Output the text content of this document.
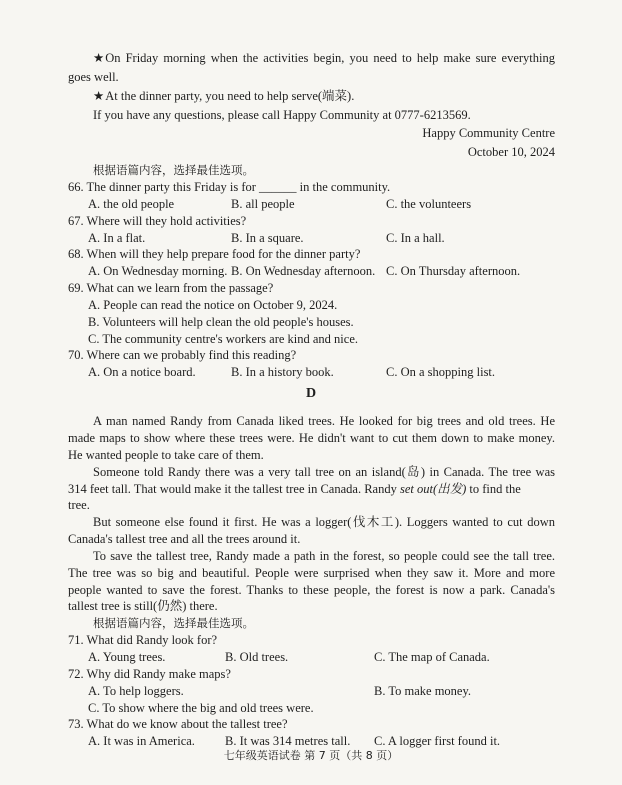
★On Friday morning when the activities begin, you need to help make sure everything
goes well.
★At the dinner party, you need to help serve(端菜).
If you have any questions, please call Happy Community at 0777-6213569.
Happy Community Centre
October 10, 2024
根据语篇内容，选择最佳选项。
66. The dinner party this Friday is for ______ in the community.
A. the old people	B. all people	C. the volunteers
67. Where will they hold activities?
A. In a flat.	B. In a square.	C. In a hall.
68. When will they help prepare food for the dinner party?
A. On Wednesday morning. B. On Wednesday afternoon. C. On Thursday afternoon.
69. What can we learn from the passage?
A. People can read the notice on October 9, 2024.
B. Volunteers will help clean the old people's houses.
C. The community centre's workers are kind and nice.
70. Where can we probably find this reading?
A. On a notice board.	B. In a history book.	C. On a shopping list.
D
A man named Randy from Canada liked trees. He looked for big trees and old trees. He
made maps to show where these trees were. He didn't want to cut them down to make money.
He wanted people to take care of them.
Someone told Randy there was a very tall tree on an island(岛) in Canada. The tree was
314 feet tall. That would make it the tallest tree in Canada. Randy set out(出发) to find the
tree.
But someone else found it first. He was a logger(伐木工). Loggers wanted to cut down
Canada's tallest tree and all the trees around it.
To save the tallest tree, Randy made a path in the forest, so people could see the tall tree.
The tree was so big and beautiful. People were surprised when they saw it. More and more
people wanted to save the forest. Thanks to these people, the forest is now a park. Canada's
tallest tree is still(仍然) there.
根据语篇内容，选择最佳选项。
71. What did Randy look for?
A. Young trees.	B. Old trees.	C. The map of Canada.
72. Why did Randy make maps?
A. To help loggers.	B. To make money.
C. To show where the big and old trees were.
73. What do we know about the tallest tree?
A. It was in America. B. It was 314 metres tall. C. A logger first found it.
七年级英语试卷 第 7 页（共 8 页）
